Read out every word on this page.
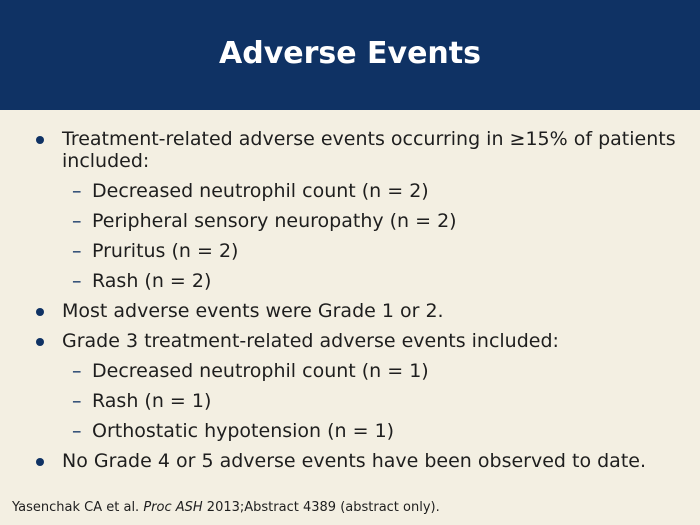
Adverse Events
Treatment-related adverse events occurring in ≥15% of patients included:
– Decreased neutrophil count (n = 2)
– Peripheral sensory neuropathy (n = 2)
– Pruritus (n = 2)
– Rash (n = 2)
Most adverse events were Grade 1 or 2.
Grade 3 treatment-related adverse events included:
– Decreased neutrophil count (n = 1)
– Rash (n = 1)
– Orthostatic hypotension (n = 1)
No Grade 4 or 5 adverse events have been observed to date.
Yasenchak CA et al. Proc ASH 2013;Abstract 4389 (abstract only).
